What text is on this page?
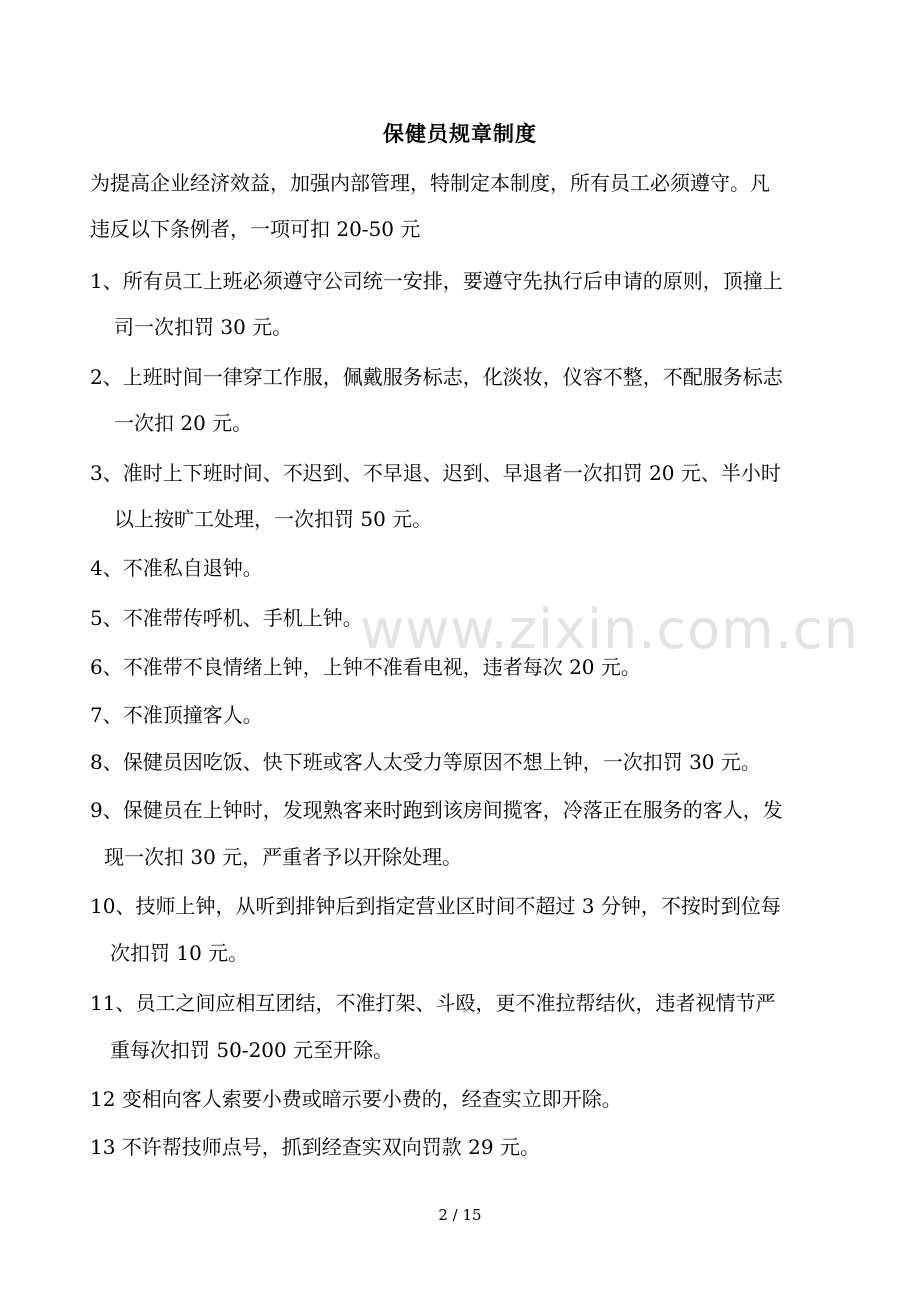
保健员规章制度
为提高企业经济效益，加强内部管理，特制定本制度，所有员工必须遵守。凡
违反以下条例者，一项可扣 20-50 元
1、所有员工上班必须遵守公司统一安排，要遵守先执行后申请的原则，顶撞上
司一次扣罚 30 元。
2、上班时间一律穿工作服，佩戴服务标志，化淡妆，仪容不整，不配服务标志
一次扣 20 元。
3、准时上下班时间、不迟到、不早退、迟到、早退者一次扣罚 20 元、半小时
以上按旷工处理，一次扣罚 50 元。
4、不准私自退钟。
5、不准带传呼机、手机上钟。
6、不准带不良情绪上钟，上钟不准看电视，违者每次 20 元。
7、不准顶撞客人。
8、保健员因吃饭、快下班或客人太受力等原因不想上钟，一次扣罚 30 元。
9、保健员在上钟时，发现熟客来时跑到该房间揽客，冷落正在服务的客人，发
现一次扣 30 元，严重者予以开除处理。
10、技师上钟，从听到排钟后到指定营业区时间不超过 3 分钟，不按时到位每
次扣罚 10 元。
11、员工之间应相互团结，不准打架、斗殴，更不准拉帮结伙，违者视情节严
重每次扣罚 50-200 元至开除。
12 变相向客人索要小费或暗示要小费的，经查实立即开除。
13 不许帮技师点号，抓到经查实双向罚款 29 元。
www.zixin.com.cn
2 / 15
